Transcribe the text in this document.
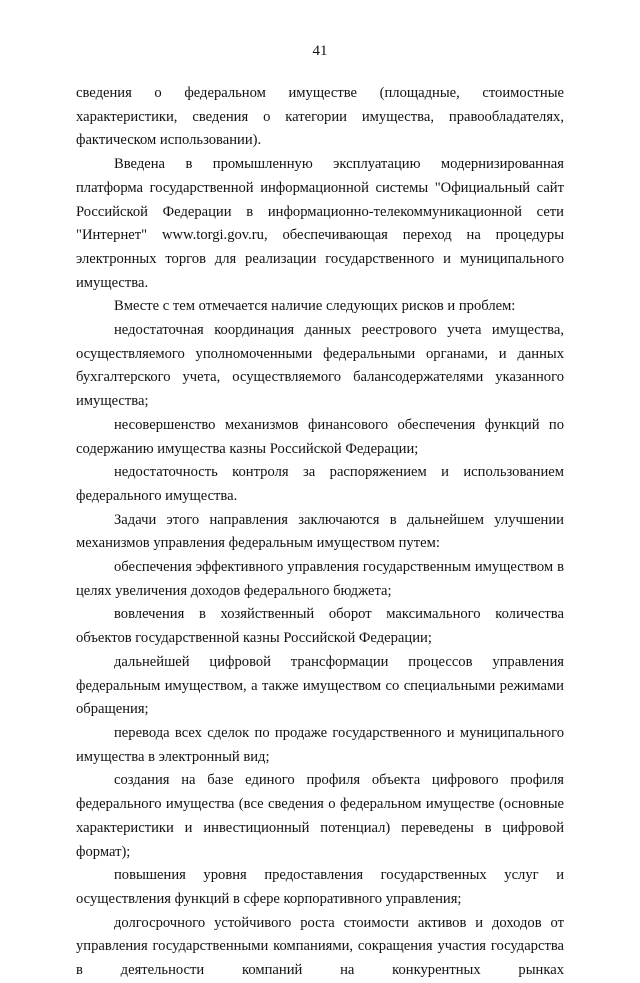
41

сведения о федеральном имуществе (площадные, стоимостные характеристики, сведения о категории имущества, правообладателях, фактическом использовании).

Введена в промышленную эксплуатацию модернизированная платформа государственной информационной системы "Официальный сайт Российской Федерации в информационно-телекоммуникационной сети "Интернет" www.torgi.gov.ru, обеспечивающая переход на процедуры электронных торгов для реализации государственного и муниципального имущества.

Вместе с тем отмечается наличие следующих рисков и проблем:

недостаточная координация данных реестрового учета имущества, осуществляемого уполномоченными федеральными органами, и данных бухгалтерского учета, осуществляемого балансодержателями указанного имущества;

несовершенство механизмов финансового обеспечения функций по содержанию имущества казны Российской Федерации;

недостаточность контроля за распоряжением и использованием федерального имущества.

Задачи этого направления заключаются в дальнейшем улучшении механизмов управления федеральным имуществом путем:

обеспечения эффективного управления государственным имуществом в целях увеличения доходов федерального бюджета;

вовлечения в хозяйственный оборот максимального количества объектов государственной казны Российской Федерации;

дальнейшей цифровой трансформации процессов управления федеральным имуществом, а также имуществом со специальными режимами обращения;

перевода всех сделок по продаже государственного и муниципального имущества в электронный вид;

создания на базе единого профиля объекта цифрового профиля федерального имущества (все сведения о федеральном имуществе (основные характеристики и инвестиционный потенциал) переведены в цифровой формат);

повышения уровня предоставления государственных услуг и осуществления функций в сфере корпоративного управления;

долгосрочного устойчивого роста стоимости активов и доходов от управления государственными компаниями, сокращения участия государства в деятельности компаний на конкурентных рынках
